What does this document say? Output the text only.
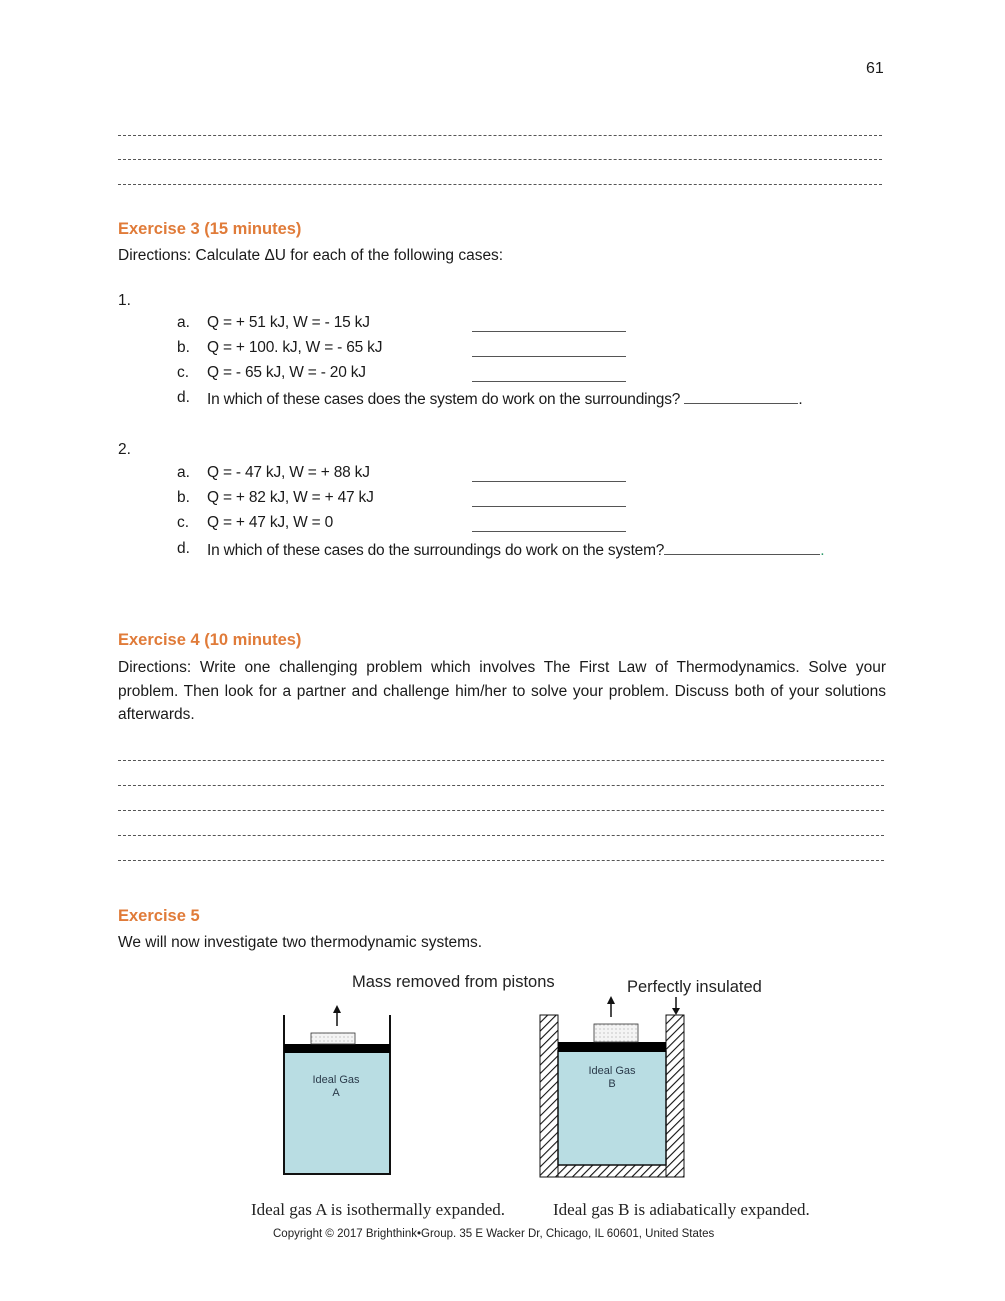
61
Exercise 3 (15 minutes)
Directions: Calculate ΔU for each of the following cases:
1.
a. Q = + 51 kJ, W = - 15 kJ
b. Q = + 100. kJ, W = - 65 kJ
c. Q = - 65 kJ, W = - 20 kJ
d. In which of these cases does the system do work on the surroundings?	.
2.
a. Q = - 47 kJ, W = + 88 kJ
b. Q = + 82 kJ, W = + 47 kJ
c. Q = + 47 kJ, W = 0
d. In which of these cases do the surroundings do work on the system?	.
Exercise 4 (10 minutes)
Directions: Write one challenging problem which involves The First Law of Thermodynamics. Solve your problem. Then look for a partner and challenge him/her to solve your problem. Discuss both of your solutions afterwards.
Exercise 5
We will now investigate two thermodynamic systems.
Mass removed from pistons	Perfectly insulated
Ideal Gas
A
Ideal Gas
B
Ideal gas A is isothermally expanded.	Ideal gas B is adiabatically expanded.
Copyright © 2017 Brighthink•Group. 35 E Wacker Dr, Chicago, IL 60601, United States
